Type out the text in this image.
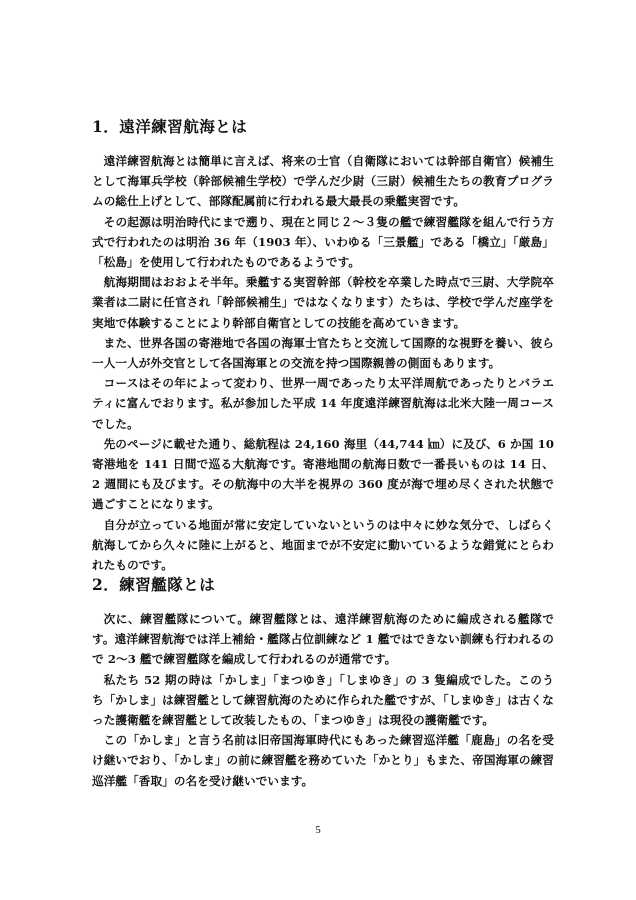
1．遠洋練習航海とは

遠洋練習航海とは簡単に言えば、将来の士官（自衛隊においては幹部自衛官）候補生として海軍兵学校（幹部候補生学校）で学んだ少尉（三尉）候補生たちの教育プログラムの総仕上げとして、部隊配属前に行われる最大最長の乗艦実習です。

その起源は明治時代にまで遡り、現在と同じ２～３隻の艦で練習艦隊を組んで行う方式で行われたのは明治 36 年（1903 年）、いわゆる「三景艦」である「橋立」「厳島」「松島」を使用して行われたものであるようです。

航海期間はおおよそ半年。乗艦する実習幹部（幹校を卒業した時点で三尉、大学院卒業者は二尉に任官され「幹部候補生」ではなくなります）たちは、学校で学んだ座学を実地で体験することにより幹部自衛官としての技能を高めていきます。

また、世界各国の寄港地で各国の海軍士官たちと交流して国際的な視野を養い、彼ら一人一人が外交官として各国海軍との交流を持つ国際親善の側面もあります。

コースはその年によって変わり、世界一周であったり太平洋周航であったりとバラエティに富んでおります。私が参加した平成 14 年度遠洋練習航海は北米大陸一周コースでした。

先のページに載せた通り、総航程は 24,160 海里（44,744 ㎞）に及び、6 か国 10 寄港地を 141 日間で巡る大航海です。寄港地間の航海日数で一番長いものは 14 日、2 週間にも及びます。その航海中の大半を視界の 360 度が海で埋め尽くされた状態で過ごすことになります。

自分が立っている地面が常に安定していないというのは中々に妙な気分で、しばらく航海してから久々に陸に上がると、地面までが不安定に動いているような錯覚にとらわれたものです。

2．練習艦隊とは

次に、練習艦隊について。練習艦隊とは、遠洋練習航海のために編成される艦隊です。遠洋練習航海では洋上補給・艦隊占位訓練など 1 艦ではできない訓練も行われるので 2～3 艦で練習艦隊を編成して行われるのが通常です。

私たち 52 期の時は「かしま」「まつゆき」「しまゆき」の 3 隻編成でした。このうち「かしま」は練習艦として練習航海のために作られた艦ですが、「しまゆき」は古くなった護衛艦を練習艦として改装したもの、「まつゆき」は現役の護衛艦です。

この「かしま」と言う名前は旧帝国海軍時代にもあった練習巡洋艦「鹿島」の名を受け継いでおり、「かしま」の前に練習艦を務めていた「かとり」もまた、帝国海軍の練習巡洋艦「香取」の名を受け継いでいます。

5
